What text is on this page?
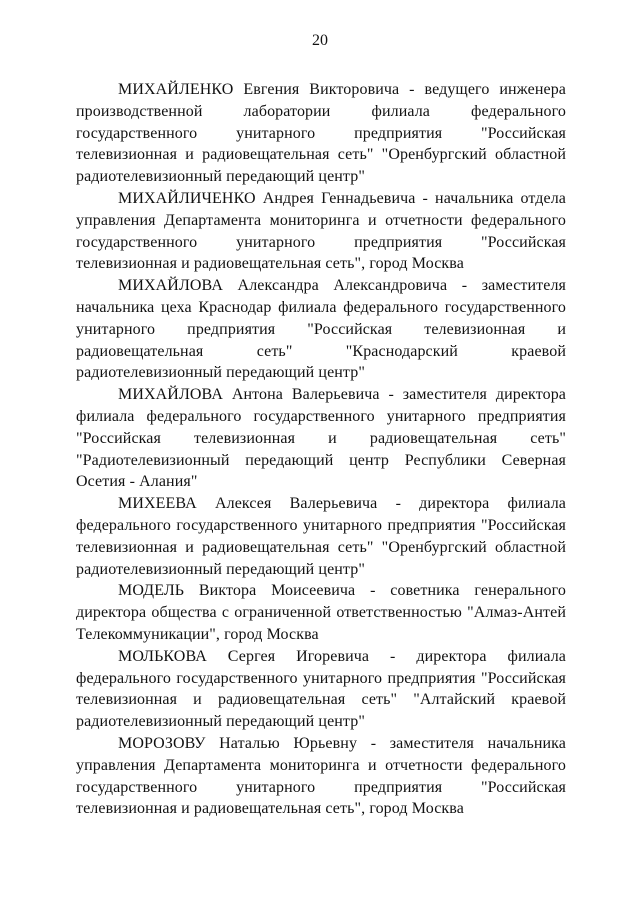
20

МИХАЙЛЕНКО Евгения Викторовича - ведущего инженера производственной лаборатории филиала федерального государственного унитарного предприятия "Российская телевизионная и радиовещательная сеть" "Оренбургский областной радиотелевизионный передающий центр"

МИХАЙЛИЧЕНКО Андрея Геннадьевича - начальника отдела управления Департамента мониторинга и отчетности федерального государственного унитарного предприятия "Российская телевизионная и радиовещательная сеть", город Москва

МИХАЙЛОВА Александра Александровича - заместителя начальника цеха Краснодар филиала федерального государственного унитарного предприятия "Российская телевизионная и радиовещательная сеть" "Краснодарский краевой радиотелевизионный передающий центр"

МИХАЙЛОВА Антона Валерьевича - заместителя директора филиала федерального государственного унитарного предприятия "Российская телевизионная и радиовещательная сеть" "Радиотелевизионный передающий центр Республики Северная Осетия - Алания"

МИХЕЕВА Алексея Валерьевича - директора филиала федерального государственного унитарного предприятия "Российская телевизионная и радиовещательная сеть" "Оренбургский областной радиотелевизионный передающий центр"

МОДЕЛЬ Виктора Моисеевича - советника генерального директора общества с ограниченной ответственностью "Алмаз-Антей Телекоммуникации", город Москва

МОЛЬКОВА Сергея Игоревича - директора филиала федерального государственного унитарного предприятия "Российская телевизионная и радиовещательная сеть" "Алтайский краевой радиотелевизионный передающий центр"

МОРОЗОВУ Наталью Юрьевну - заместителя начальника управления Департамента мониторинга и отчетности федерального государственного унитарного предприятия "Российская телевизионная и радиовещательная сеть", город Москва
